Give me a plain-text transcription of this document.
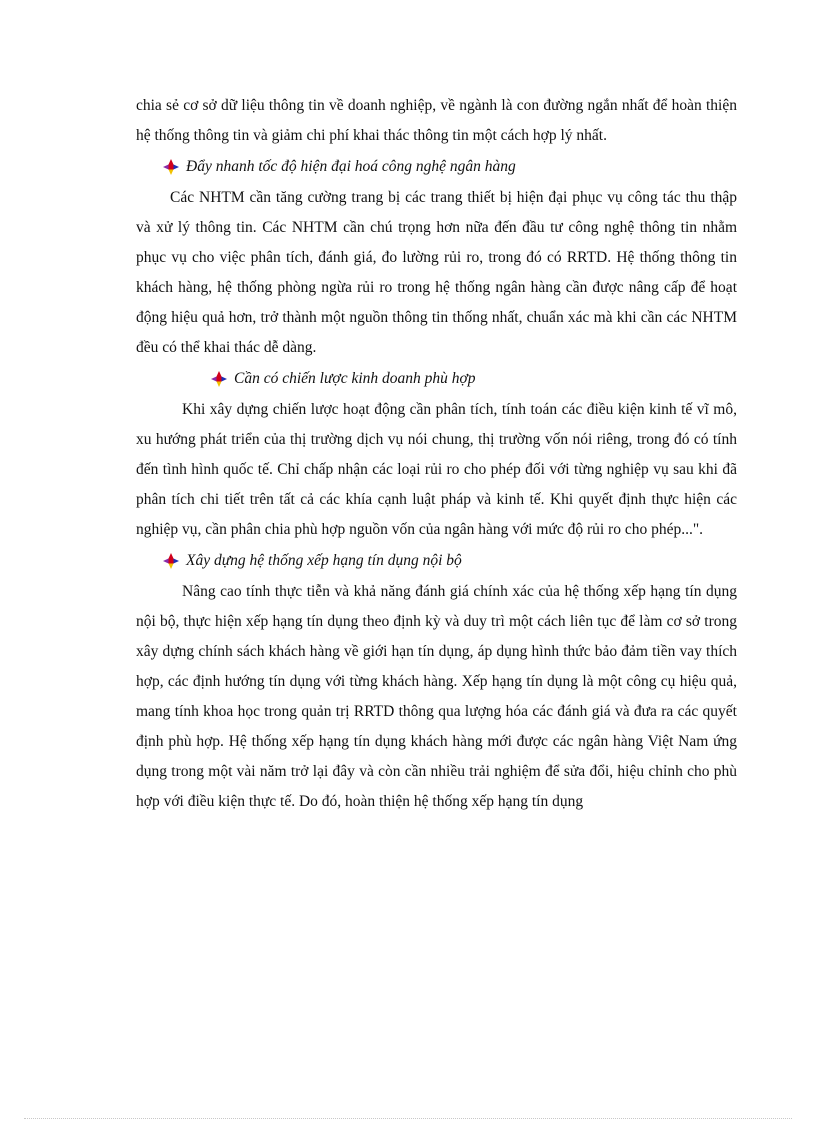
chia sẻ cơ sở dữ liệu thông tin về doanh nghiệp, về ngành là con đường ngắn nhất để hoàn thiện hệ thống thông tin và giảm chi phí khai thác thông tin một cách hợp lý nhất.

Đẩy nhanh tốc độ hiện đại hoá công nghệ ngân hàng

Các NHTM cần tăng cường trang bị các trang thiết bị hiện đại phục vụ công tác thu thập và xử lý thông tin. Các NHTM cần chú trọng hơn nữa đến đầu tư công nghệ thông tin nhằm phục vụ cho việc phân tích, đánh giá, đo lường rủi ro, trong đó có RRTD. Hệ thống thông tin khách hàng, hệ thống phòng ngừa rủi ro trong hệ thống ngân hàng cần được nâng cấp để hoạt động hiệu quả hơn, trở thành một nguồn thông tin thống nhất, chuẩn xác mà khi cần các NHTM đều có thể khai thác dễ dàng.

Cần có chiến lược kinh doanh phù hợp

Khi xây dựng chiến lược hoạt động cần phân tích, tính toán các điều kiện kinh tế vĩ mô, xu hướng phát triển của thị trường dịch vụ nói chung, thị trường vốn nói riêng, trong đó có tính đến tình hình quốc tế. Chỉ chấp nhận các loại rủi ro cho phép đối với từng nghiệp vụ sau khi đã phân tích chi tiết trên tất cả các khía cạnh luật pháp và kinh tế. Khi quyết định thực hiện các nghiệp vụ, cần phân chia phù hợp nguồn vốn của ngân hàng với mức độ rủi ro cho phép...".

Xây dựng hệ thống xếp hạng tín dụng nội bộ

Nâng cao tính thực tiễn và khả năng đánh giá chính xác của hệ thống xếp hạng tín dụng nội bộ, thực hiện xếp hạng tín dụng theo định kỳ và duy trì một cách liên tục để làm cơ sở trong xây dựng chính sách khách hàng về giới hạn tín dụng, áp dụng hình thức bảo đảm tiền vay thích hợp, các định hướng tín dụng với từng khách hàng. Xếp hạng tín dụng là một công cụ hiệu quả, mang tính khoa học trong quản trị RRTD thông qua lượng hóa các đánh giá và đưa ra các quyết định phù hợp. Hệ thống xếp hạng tín dụng khách hàng mới được các ngân hàng Việt Nam ứng dụng trong một vài năm trở lại đây và còn cần nhiều trải nghiệm để sửa đổi, hiệu chỉnh cho phù hợp với điều kiện thực tế. Do đó, hoàn thiện hệ thống xếp hạng tín dụng
